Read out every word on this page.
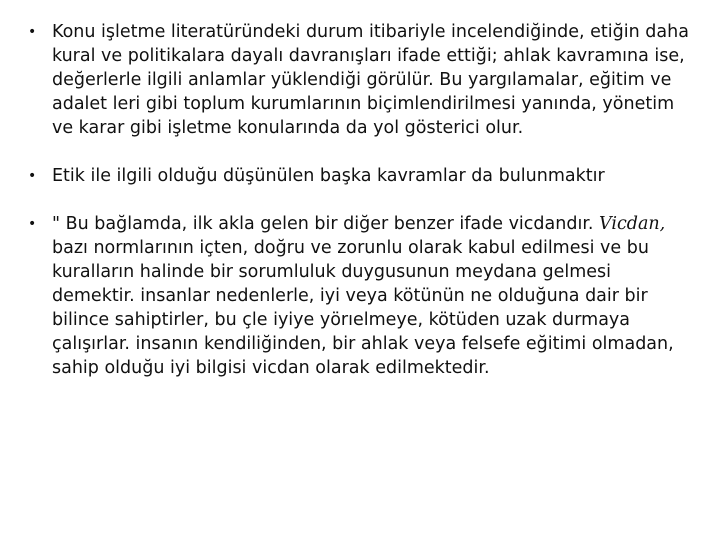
• Konu işletme literatüründeki durum itibariyle incelendiğinde, etiğin daha kural ve politikalara dayalı davranışları ifade ettiği; ahlak kavramına ise, değerlerle ilgili anlamlar yüklendiği görülür. Bu yargılamalar, eğitim ve adalet leri gibi toplum kurumlarının biçimlendirilmesi yanında, yönetim ve karar gibi işletme konularında da yol gösterici olur.
• Etik ile ilgili olduğu düşünülen başka kavramlar da bulunmaktır
• " Bu bağlamda, ilk akla gelen bir diğer benzer ifade vicdandır. Vicdan, bazı normlarının içten, doğru ve zorunlu olarak kabul edilmesi ve bu kuralların halinde bir sorumluluk duygusunun meydana gelmesi demektir. insanlar nedenlerle, iyi veya kötünün ne olduğuna dair bir bilince sahiptirler, bu çle iyiye yörıelmeye, kötüden uzak durmaya çalışırlar. insanın kendiliğinden, bir ahlak veya felsefe eğitimi olmadan, sahip olduğu iyi bilgisi vicdan olarak edilmektedir.
